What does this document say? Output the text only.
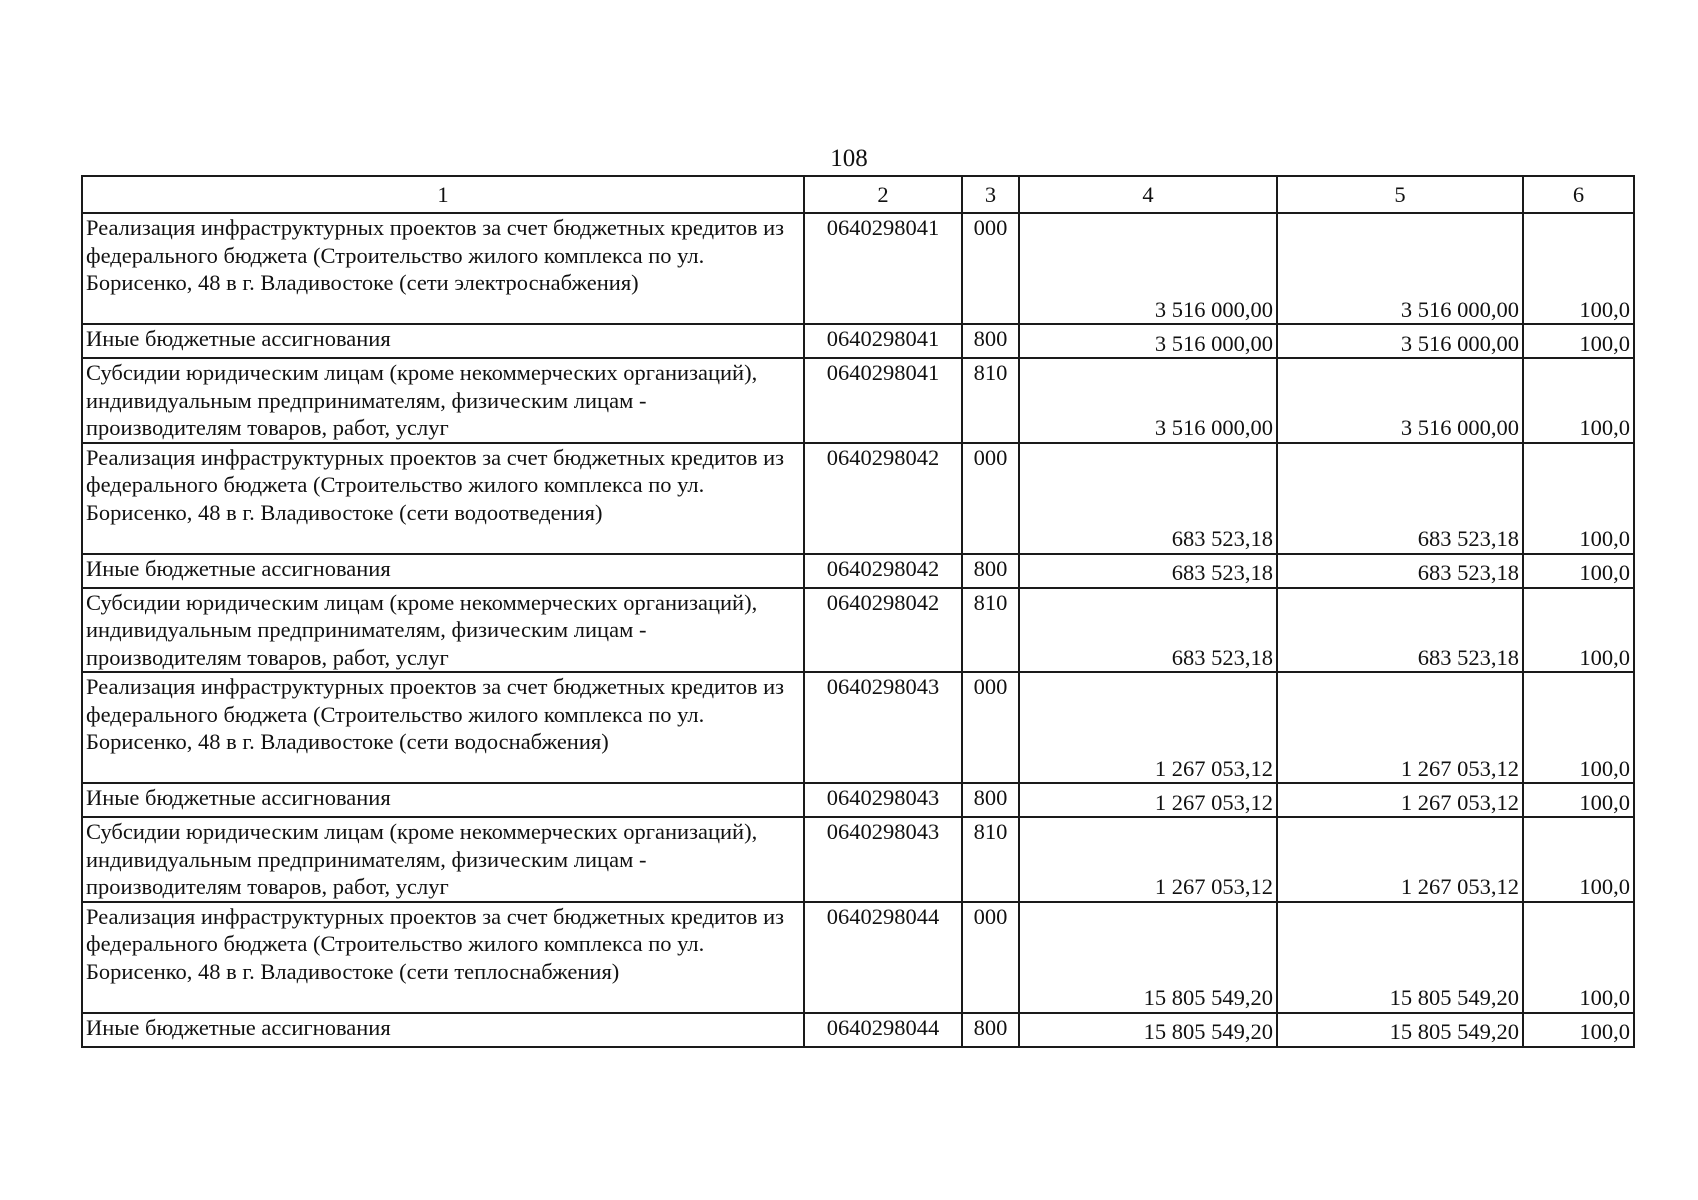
108
1	2	3	4	5	6
Реализация инфраструктурных проектов за счет бюджетных кредитов из федерального бюджета (Строительство жилого комплекса по ул. Борисенко, 48 в г. Владивостоке (сети электроснабжения)	0640298041	000	3 516 000,00	3 516 000,00	100,0
Иные бюджетные ассигнования	0640298041	800	3 516 000,00	3 516 000,00	100,0
Субсидии юридическим лицам (кроме некоммерческих организаций), индивидуальным предпринимателям, физическим лицам - производителям товаров, работ, услуг	0640298041	810	3 516 000,00	3 516 000,00	100,0
Реализация инфраструктурных проектов за счет бюджетных кредитов из федерального бюджета (Строительство жилого комплекса по ул. Борисенко, 48 в г. Владивостоке (сети водоотведения)	0640298042	000	683 523,18	683 523,18	100,0
Иные бюджетные ассигнования	0640298042	800	683 523,18	683 523,18	100,0
Субсидии юридическим лицам (кроме некоммерческих организаций), индивидуальным предпринимателям, физическим лицам - производителям товаров, работ, услуг	0640298042	810	683 523,18	683 523,18	100,0
Реализация инфраструктурных проектов за счет бюджетных кредитов из федерального бюджета (Строительство жилого комплекса по ул. Борисенко, 48 в г. Владивостоке (сети водоснабжения)	0640298043	000	1 267 053,12	1 267 053,12	100,0
Иные бюджетные ассигнования	0640298043	800	1 267 053,12	1 267 053,12	100,0
Субсидии юридическим лицам (кроме некоммерческих организаций), индивидуальным предпринимателям, физическим лицам - производителям товаров, работ, услуг	0640298043	810	1 267 053,12	1 267 053,12	100,0
Реализация инфраструктурных проектов за счет бюджетных кредитов из федерального бюджета (Строительство жилого комплекса по ул. Борисенко, 48 в г. Владивостоке (сети теплоснабжения)	0640298044	000	15 805 549,20	15 805 549,20	100,0
Иные бюджетные ассигнования	0640298044	800	15 805 549,20	15 805 549,20	100,0
